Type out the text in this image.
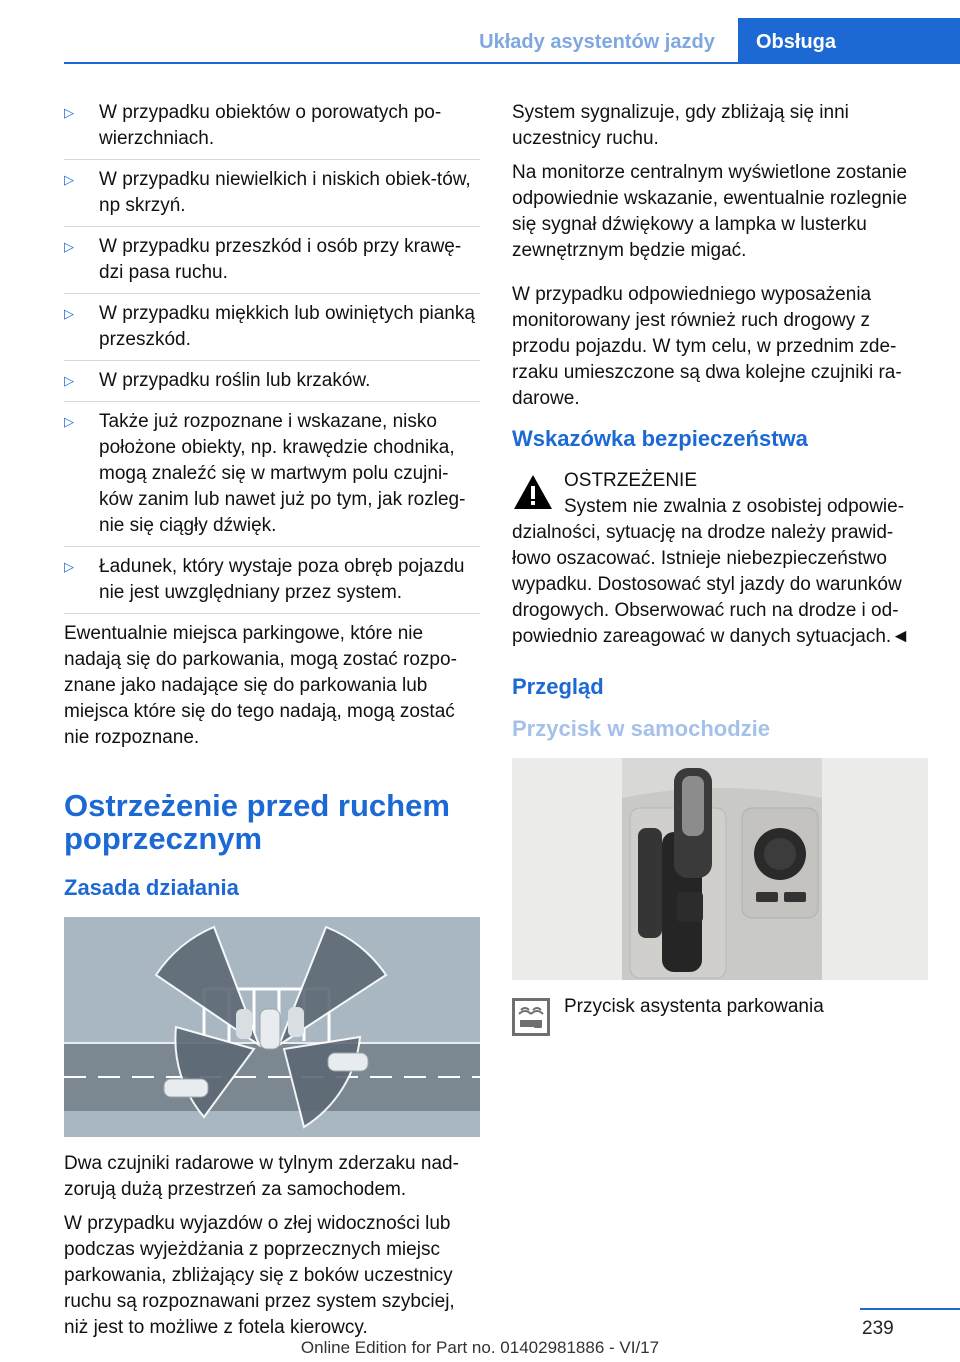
Układy asystentów jazdy	Obsługa
▷ W przypadku obiektów o porowatych po-wierzchniach.
▷ W przypadku niewielkich i niskich obiek-tów, np skrzyń.
▷ W przypadku przeszkód i osób przy krawę-dzi pasa ruchu.
▷ W przypadku miękkich lub owiniętych pianką przeszkód.
▷ W przypadku roślin lub krzaków.
▷ Także już rozpoznane i wskazane, nisko położone obiekty, np. krawędzie chodnika, mogą znaleźć się w martwym polu czujni-ków zanim lub nawet już po tym, jak rozleg-nie się ciągły dźwięk.
▷ Ładunek, który wystaje poza obręb pojazdu nie jest uwzględniany przez system.

Ewentualnie miejsca parkingowe, które nie nadają się do parkowania, mogą zostać rozpo-znane jako nadające się do parkowania lub miejsca które się do tego nadają, mogą zostać nie rozpoznane.

Ostrzeżenie przed ruchem poprzecznym
Zasada działania

Dwa czujniki radarowe w tylnym zderzaku nad-zorują dużą przestrzeń za samochodem.

W przypadku wyjazdów o złej widoczności lub podczas wyjeżdżania z poprzecznych miejsc parkowania, zbliżający się z boków uczestnicy ruchu są rozpoznawani przez system szybciej, niż jest to możliwe z fotela kierowcy.

System sygnalizuje, gdy zbliżają się inni uczestnicy ruchu.

Na monitorze centralnym wyświetlone zostanie odpowiednie wskazanie, ewentualnie rozlegnie się sygnał dźwiękowy a lampka w lusterku zewnętrznym będzie migać.

W przypadku odpowiedniego wyposażenia monitorowany jest również ruch drogowy z przodu pojazdu. W tym celu, w przednim zde-rzaku umieszczone są dwa kolejne czujniki ra-darowe.

Wskazówka bezpieczeństwa
OSTRZEŻENIE
System nie zwalnia z osobistej odpowie-dzialności, sytuację na drodze należy prawid-łowo oszacować. Istnieje niebezpieczeństwo wypadku. Dostosować styl jazdy do warunków drogowych. Obserwować ruch na drodze i od-powiednio zareagować w danych sytuacjach.◄
Przegląd
Przycisk w samochodzie
Przycisk asystenta parkowania
239
Online Edition for Part no. 01402981886 - VI/17
